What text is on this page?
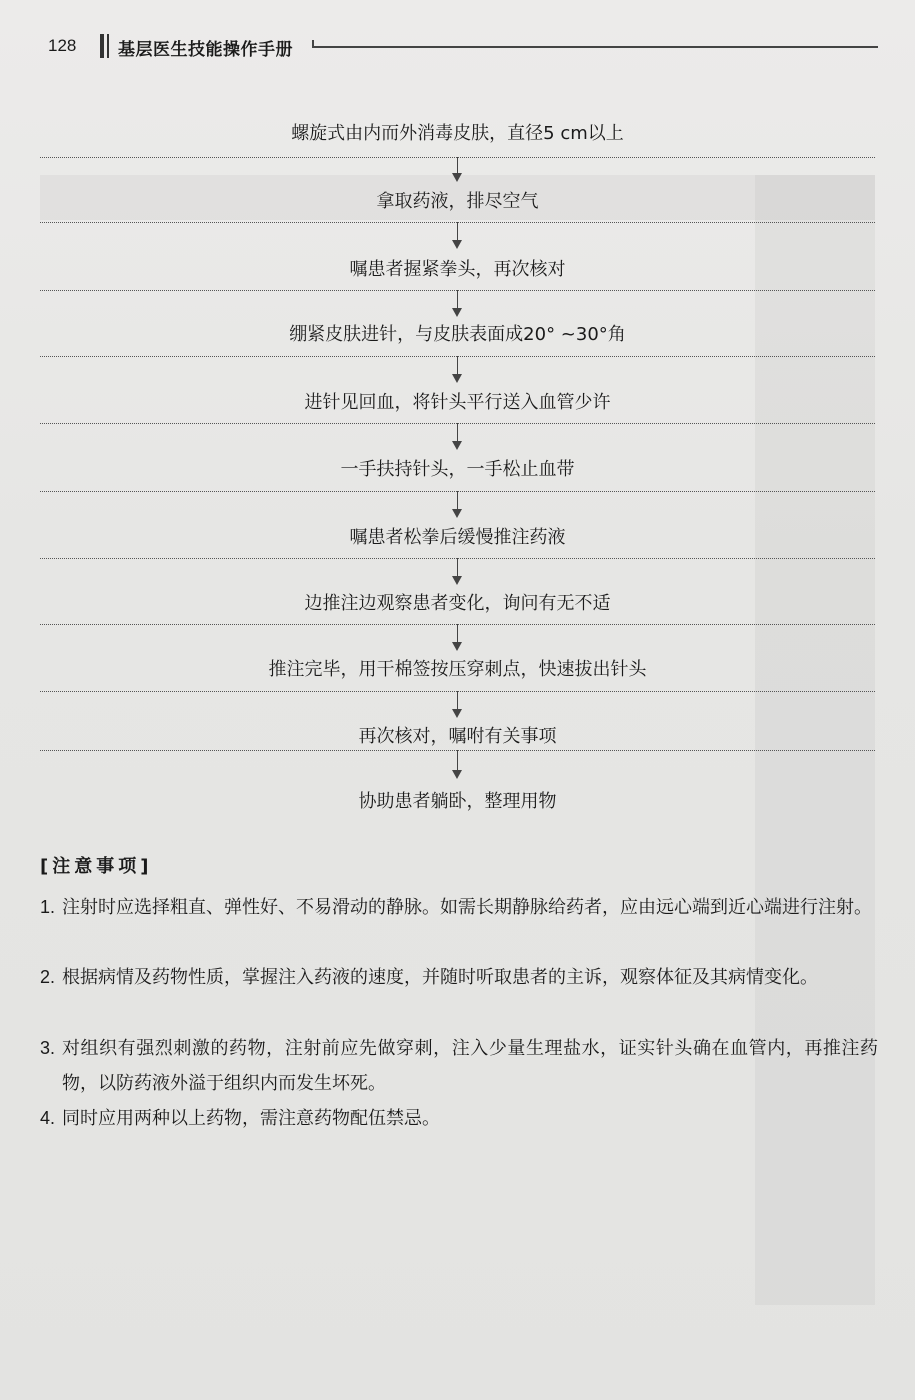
128 基层医生技能操作手册
螺旋式由内而外消毒皮肤，直径5 cm以上
拿取药液，排尽空气
嘱患者握紧拳头，再次核对
绷紧皮肤进针，与皮肤表面成20° ~30°角
进针见回血，将针头平行送入血管少许
一手扶持针头，一手松止血带
嘱患者松拳后缓慢推注药液
边推注边观察患者变化，询问有无不适
推注完毕，用干棉签按压穿刺点，快速拔出针头
再次核对，嘱咐有关事项
协助患者躺卧，整理用物
[注意事项]
1. 注射时应选择粗直、弹性好、不易滑动的静脉。如需长期静脉给药者，应由远心端到近心端进行注射。
2. 根据病情及药物性质，掌握注入药液的速度，并随时听取患者的主诉，观察体征及其病情变化。
3. 对组织有强烈刺激的药物，注射前应先做穿刺，注入少量生理盐水，证实针头确在血管内，再推注药物，以防药液外溢于组织内而发生坏死。
4. 同时应用两种以上药物，需注意药物配伍禁忌。
